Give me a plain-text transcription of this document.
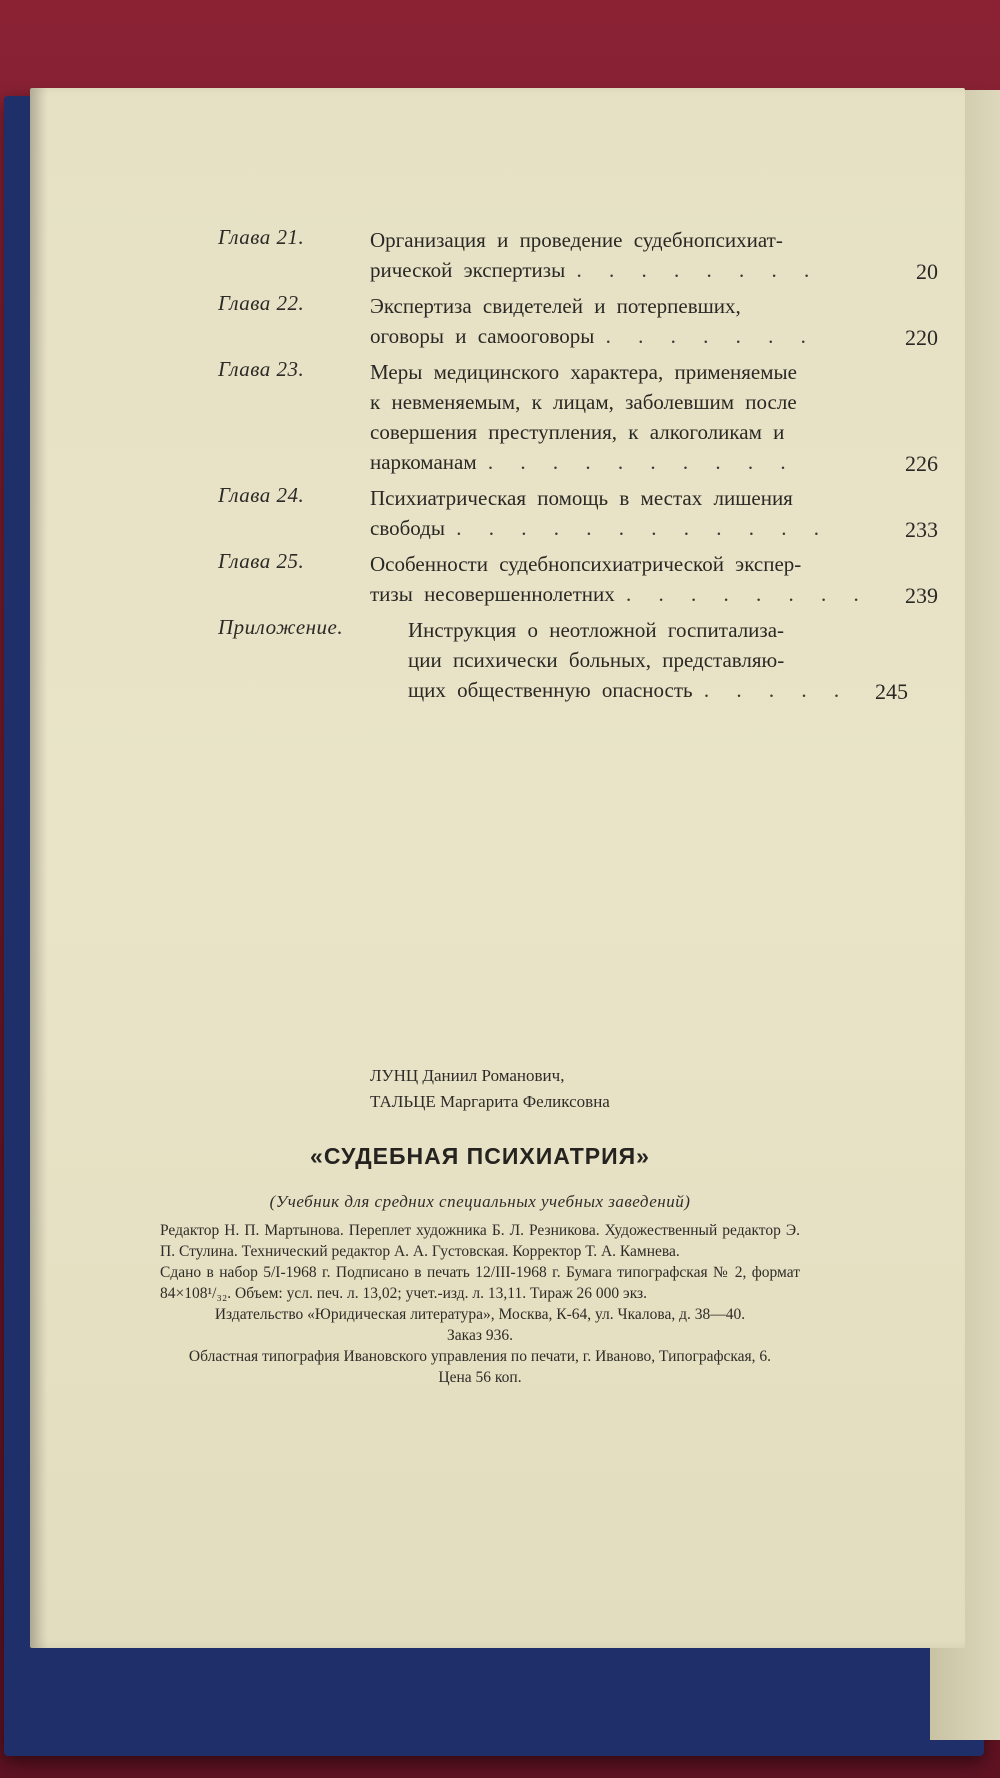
Глава 21.	Организация и проведение судебнопсихиат-
рической экспертизы . . . . . . . .	20
Глава 22.	Экспертиза свидетелей и потерпевших,
оговоры и самооговоры . . . . . . .	220
Глава 23.	Меры медицинского характера, применяемые
к невменяемым, к лицам, заболевшим после
совершения преступления, к алкоголикам и
наркоманам . . . . . . . . . .	226
Глава 24.	Психиатрическая помощь в местах лишения
свободы . . . . . . . . . . . .	233
Глава 25.	Особенности судебнопсихиатрической экспер-
тизы несовершеннолетних . . . . . . . . 239
Приложение.	Инструкция о неотложной госпитализа-
ции психически больных, представляю-
щих общественную опасность . . . . .	245
ЛУНЦ Даниил Романович,
ТАЛЬЦЕ Маргарита Феликсовна
«СУДЕБНАЯ ПСИХИАТРИЯ»
(Учебник для средних специальных учебных заведений)

Редактор Н. П. Мартынова. Переплет художника Б. Л. Резникова. Художественный редактор Э. П. Стулина. Технический редактор А. А. Густовская. Корректор Т. А. Камнева.

Сдано в набор 5/I-1968 г. Подписано в печать 12/III-1968 г. Бумага типографская № 2, формат 84×108¹/₃₂. Объем: усл. печ. л. 13,02; учет.-изд. л. 13,11. Тираж 26 000 экз.

Издательство «Юридическая литература», Москва, К-64, ул. Чкалова, д. 38—40.

Заказ 936.

Областная типография Ивановского управления по печати, г. Иваново, Типографская, 6.

Цена 56 коп.
